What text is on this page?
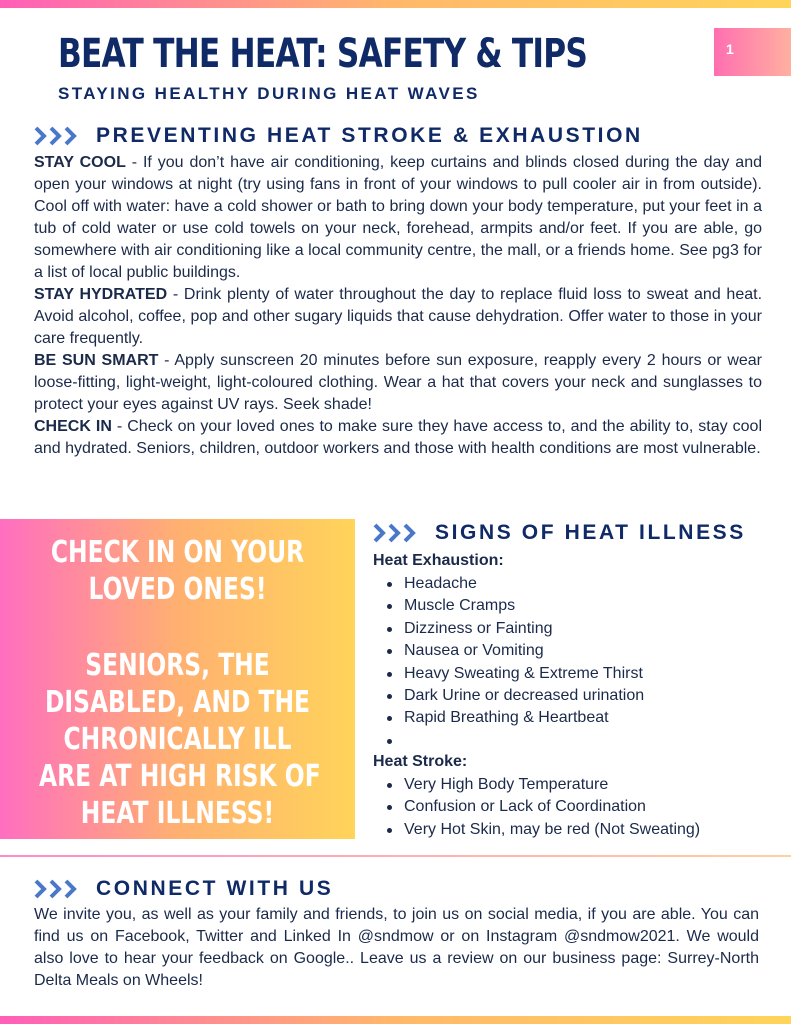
BEAT THE HEAT: SAFETY & TIPS
STAYING HEALTHY DURING HEAT WAVES
1
PREVENTING HEAT STROKE & EXHAUSTION

STAY COOL - If you don’t have air conditioning, keep curtains and blinds closed during the day and open your windows at night (try using fans in front of your windows to pull cooler air in from outside). Cool off with water: have a cold shower or bath to bring down your body temperature, put your feet in a tub of cold water or use cold towels on your neck, forehead, armpits and/or feet. If you are able, go somewhere with air conditioning like a local community centre, the mall, or a friends home. See pg3 for a list of local public buildings.

STAY HYDRATED - Drink plenty of water throughout the day to replace fluid loss to sweat and heat. Avoid alcohol, coffee, pop and other sugary liquids that cause dehydration. Offer water to those in your care frequently.

BE SUN SMART - Apply sunscreen 20 minutes before sun exposure, reapply every 2 hours or wear loose-fitting, light-weight, light-coloured clothing. Wear a hat that covers your neck and sunglasses to protect your eyes against UV rays. Seek shade!

CHECK IN - Check on your loved ones to make sure they have access to, and the ability to, stay cool and hydrated. Seniors, children, outdoor workers and those with health conditions are most vulnerable.

CHECK IN ON YOUR
LOVED ONES!
SENIORS, THE
DISABLED, AND THE
CHRONICALLY ILL
ARE AT HIGH RISK OF
HEAT ILLNESS!
SIGNS OF HEAT ILLNESS
Heat Exhaustion:
Headache
Muscle Cramps
Dizziness or Fainting
Nausea or Vomiting
Heavy Sweating & Extreme Thirst
Dark Urine or decreased urination
Rapid Breathing & Heartbeat

Heat Stroke:
Very High Body Temperature
Confusion or Lack of Coordination
Very Hot Skin, may be red (Not Sweating)
CONNECT WITH US

We invite you, as well as your family and friends, to join us on social media, if you are able. You can find us on Facebook, Twitter and Linked In @sndmow or on Instagram @sndmow2021. We would also love to hear your feedback on Google.. Leave us a review on our business page: Surrey-North Delta Meals on Wheels!
